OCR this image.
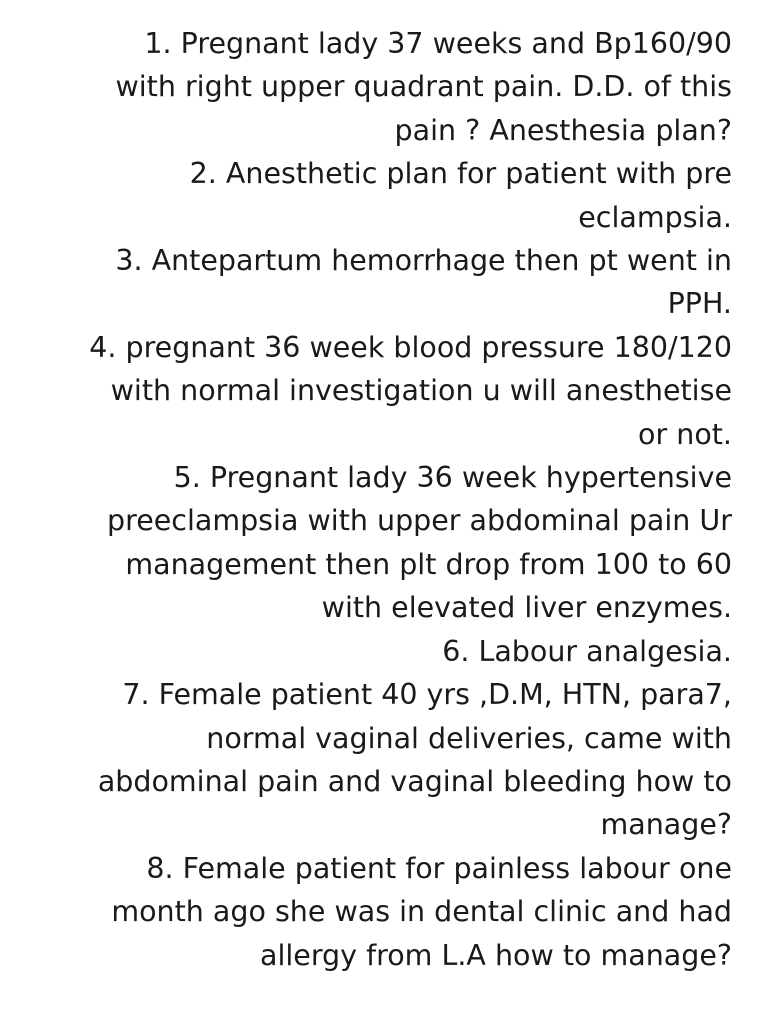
1. Pregnant lady 37 weeks and Bp160/90
with right upper quadrant pain. D.D. of this
pain ? Anesthesia plan?
2. Anesthetic plan for patient with pre
eclampsia.
3. Antepartum hemorrhage then pt went in
PPH.
4. pregnant 36 week blood pressure 180/120
with normal investigation u will anesthetise
or not.
5. Pregnant lady 36 week hypertensive
preeclampsia with upper abdominal pain Ur
management then plt drop from 100 to 60
with elevated liver enzymes.
6. Labour analgesia.
7. Female patient 40 yrs ,D.M, HTN, para7,
normal vaginal deliveries, came with
abdominal pain and vaginal bleeding how to
manage?
8. Female patient for painless labour one
month ago she was in dental clinic and had
allergy from L.A how to manage?
